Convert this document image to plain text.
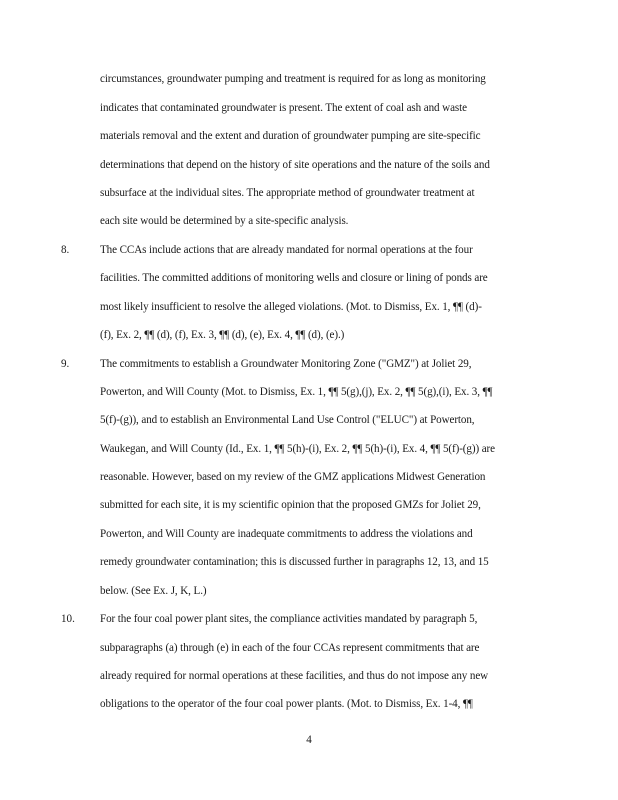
circumstances, groundwater pumping and treatment is required for as long as monitoring
indicates that contaminated groundwater is present. The extent of coal ash and waste
materials removal and the extent and duration of groundwater pumping are site-specific
determinations that depend on the history of site operations and the nature of the soils and
subsurface at the individual sites. The appropriate method of groundwater treatment at
each site would be determined by a site-specific analysis.
8.	The CCAs include actions that are already mandated for normal operations at the four
facilities. The committed additions of monitoring wells and closure or lining of ponds are
most likely insufficient to resolve the alleged violations. (Mot. to Dismiss, Ex. 1, ¶¶ (d)-
(f), Ex. 2, ¶¶ (d), (f), Ex. 3, ¶¶ (d), (e), Ex. 4, ¶¶ (d), (e).)
9.	The commitments to establish a Groundwater Monitoring Zone ("GMZ") at Joliet 29,
Powerton, and Will County (Mot. to Dismiss, Ex. 1, ¶¶ 5(g),(j), Ex. 2, ¶¶ 5(g),(i), Ex. 3, ¶¶
5(f)-(g)), and to establish an Environmental Land Use Control ("ELUC") at Powerton,
Waukegan, and Will County (Id., Ex. 1, ¶¶ 5(h)-(i), Ex. 2, ¶¶ 5(h)-(i), Ex. 4, ¶¶ 5(f)-(g)) are
reasonable. However, based on my review of the GMZ applications Midwest Generation
submitted for each site, it is my scientific opinion that the proposed GMZs for Joliet 29,
Powerton, and Will County are inadequate commitments to address the violations and
remedy groundwater contamination; this is discussed further in paragraphs 12, 13, and 15
below. (See Ex. J, K, L.)
10.	For the four coal power plant sites, the compliance activities mandated by paragraph 5,
subparagraphs (a) through (e) in each of the four CCAs represent commitments that are
already required for normal operations at these facilities, and thus do not impose any new
obligations to the operator of the four coal power plants. (Mot. to Dismiss, Ex. 1-4, ¶¶
4
